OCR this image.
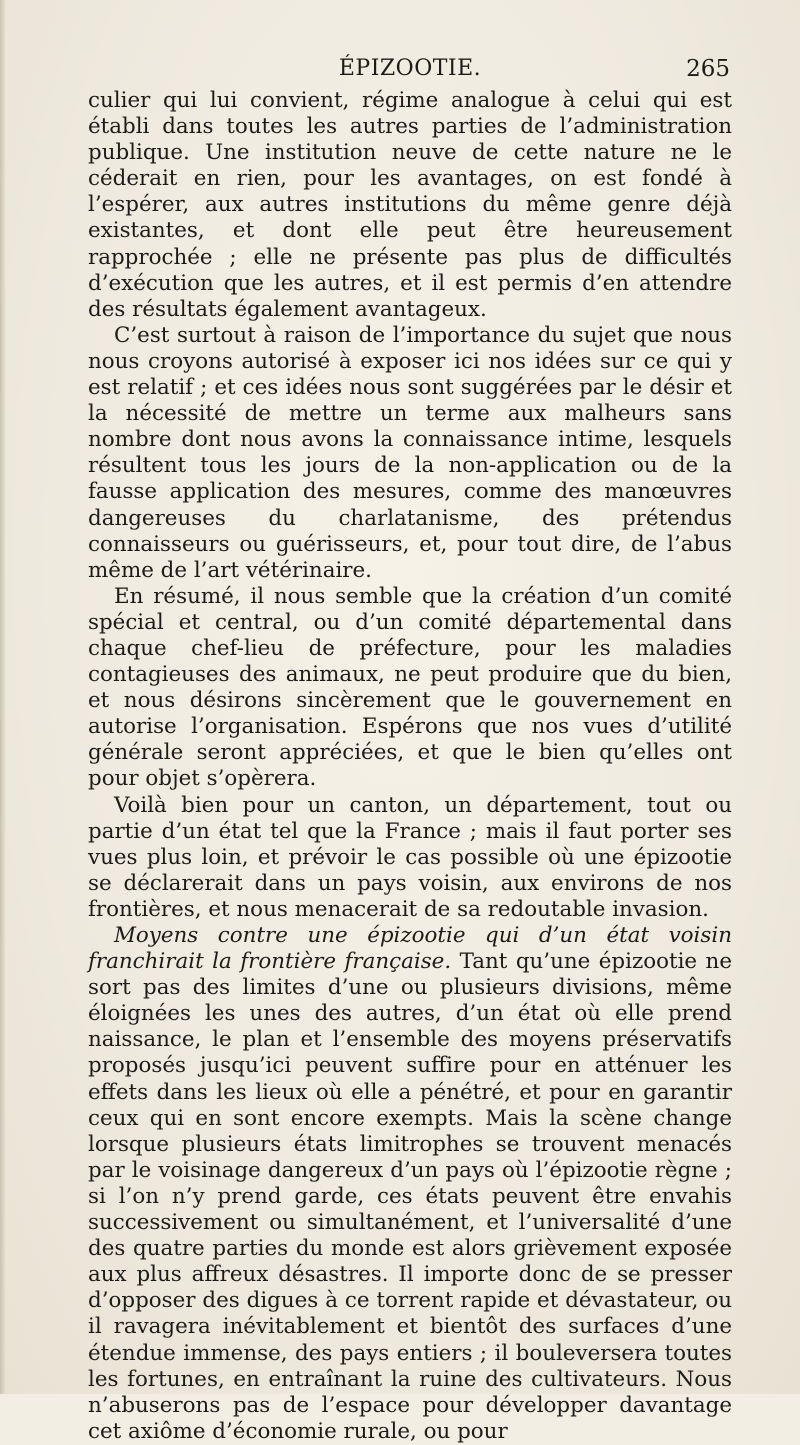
ÉPIZOOTIE.	265

culier qui lui convient, régime analogue à celui qui est établi dans toutes les autres parties de l’administration publique. Une institution neuve de cette nature ne le céderait en rien, pour les avantages, on est fondé à l’espérer, aux autres institutions du même genre déjà existantes, et dont elle peut être heureusement rapprochée ; elle ne présente pas plus de difficultés d’exécution que les autres, et il est permis d’en attendre des résultats également avantageux.

C’est surtout à raison de l’importance du sujet que nous nous croyons autorisé à exposer ici nos idées sur ce qui y est relatif ; et ces idées nous sont suggérées par le désir et la nécessité de mettre un terme aux malheurs sans nombre dont nous avons la connaissance intime, lesquels résultent tous les jours de la non-application ou de la fausse application des mesures, comme des manœuvres dangereuses du charlatanisme, des prétendus connaisseurs ou guérisseurs, et, pour tout dire, de l’abus même de l’art vétérinaire.

En résumé, il nous semble que la création d’un comité spécial et central, ou d’un comité départemental dans chaque chef-lieu de préfecture, pour les maladies contagieuses des animaux, ne peut produire que du bien, et nous désirons sincèrement que le gouvernement en autorise l’organisation. Espérons que nos vues d’utilité générale seront appréciées, et que le bien qu’elles ont pour objet s’opèrera.

Voilà bien pour un canton, un département, tout ou partie d’un état tel que la France ; mais il faut porter ses vues plus loin, et prévoir le cas possible où une épizootie se déclarerait dans un pays voisin, aux environs de nos frontières, et nous menacerait de sa redoutable invasion.

Moyens contre une épizootie qui d’un état voisin franchirait la frontière française. Tant qu’une épizootie ne sort pas des limites d’une ou plusieurs divisions, même éloignées les unes des autres, d’un état où elle prend naissance, le plan et l’ensemble des moyens préservatifs proposés jusqu’ici peuvent suffire pour en atténuer les effets dans les lieux où elle a pénétré, et pour en garantir ceux qui en sont encore exempts. Mais la scène change lorsque plusieurs états limitrophes se trouvent menacés par le voisinage dangereux d’un pays où l’épizootie règne ; si l’on n’y prend garde, ces états peuvent être envahis successivement ou simultanément, et l’universalité d’une des quatre parties du monde est alors grièvement exposée aux plus affreux désastres. Il importe donc de se presser d’opposer des digues à ce torrent rapide et dévastateur, ou il ravagera inévitablement et bientôt des surfaces d’une étendue immense, des pays entiers ; il bouleversera toutes les fortunes, en entraînant la ruine des cultivateurs. Nous n’abuserons pas de l’espace pour développer davantage cet axiôme d’économie rurale, ou pour
